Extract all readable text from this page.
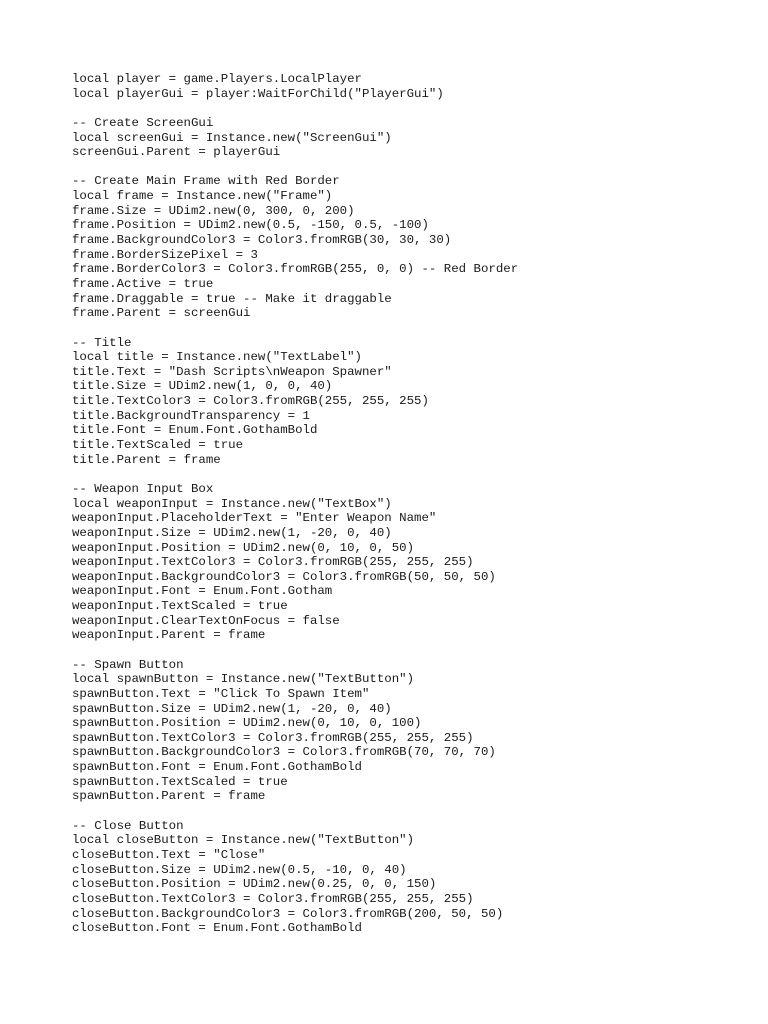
local player = game.Players.LocalPlayer
local playerGui = player:WaitForChild("PlayerGui")
-- Create ScreenGui
local screenGui = Instance.new("ScreenGui")
screenGui.Parent = playerGui
-- Create Main Frame with Red Border
local frame = Instance.new("Frame")
frame.Size = UDim2.new(0, 300, 0, 200)
frame.Position = UDim2.new(0.5, -150, 0.5, -100)
frame.BackgroundColor3 = Color3.fromRGB(30, 30, 30)
frame.BorderSizePixel = 3
frame.BorderColor3 = Color3.fromRGB(255, 0, 0) -- Red Border
frame.Active = true
frame.Draggable = true -- Make it draggable
frame.Parent = screenGui
-- Title
local title = Instance.new("TextLabel")
title.Text = "Dash Scripts\nWeapon Spawner"
title.Size = UDim2.new(1, 0, 0, 40)
title.TextColor3 = Color3.fromRGB(255, 255, 255)
title.BackgroundTransparency = 1
title.Font = Enum.Font.GothamBold
title.TextScaled = true
title.Parent = frame
-- Weapon Input Box
local weaponInput = Instance.new("TextBox")
weaponInput.PlaceholderText = "Enter Weapon Name"
weaponInput.Size = UDim2.new(1, -20, 0, 40)
weaponInput.Position = UDim2.new(0, 10, 0, 50)
weaponInput.TextColor3 = Color3.fromRGB(255, 255, 255)
weaponInput.BackgroundColor3 = Color3.fromRGB(50, 50, 50)
weaponInput.Font = Enum.Font.Gotham
weaponInput.TextScaled = true
weaponInput.ClearTextOnFocus = false
weaponInput.Parent = frame
-- Spawn Button
local spawnButton = Instance.new("TextButton")
spawnButton.Text = "Click To Spawn Item"
spawnButton.Size = UDim2.new(1, -20, 0, 40)
spawnButton.Position = UDim2.new(0, 10, 0, 100)
spawnButton.TextColor3 = Color3.fromRGB(255, 255, 255)
spawnButton.BackgroundColor3 = Color3.fromRGB(70, 70, 70)
spawnButton.Font = Enum.Font.GothamBold
spawnButton.TextScaled = true
spawnButton.Parent = frame
-- Close Button
local closeButton = Instance.new("TextButton")
closeButton.Text = "Close"
closeButton.Size = UDim2.new(0.5, -10, 0, 40)
closeButton.Position = UDim2.new(0.25, 0, 0, 150)
closeButton.TextColor3 = Color3.fromRGB(255, 255, 255)
closeButton.BackgroundColor3 = Color3.fromRGB(200, 50, 50)
closeButton.Font = Enum.Font.GothamBold
